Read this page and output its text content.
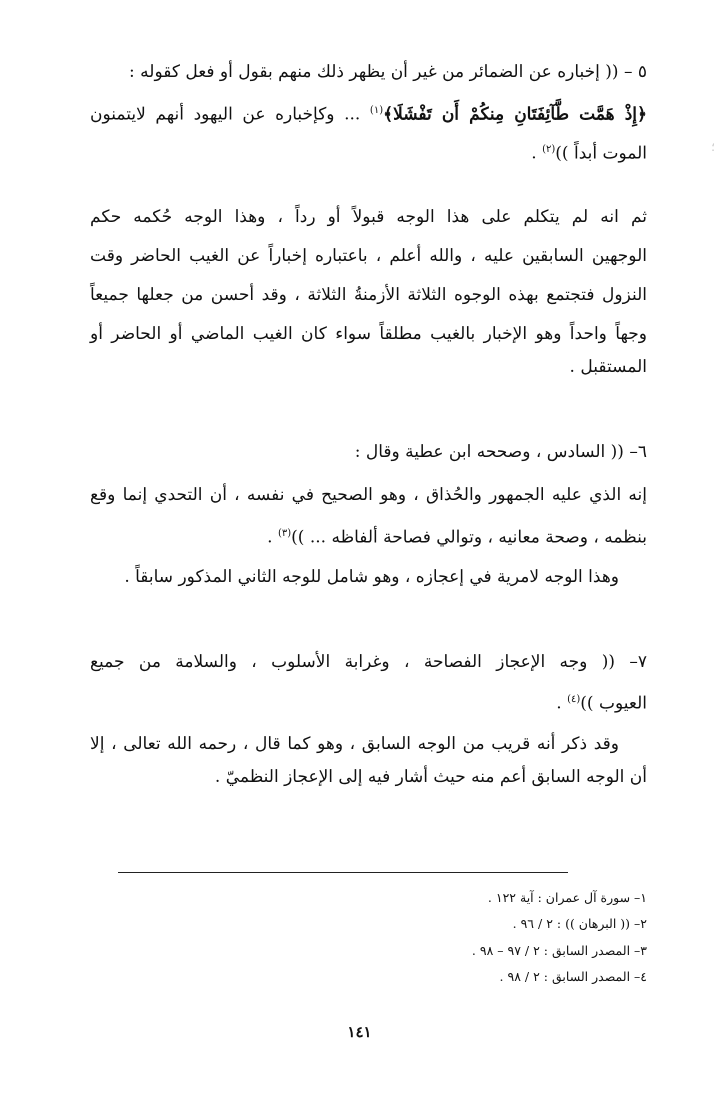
٥ – (( إخباره عن الضمائر من غير أن يظهر ذلك منهم بقول أو فعل كقوله :
﴿إِذْ هَمَّت طَّآئِفَتَانِ مِنكُمْ أَن تَفْشَلَا﴾$^{(١)}$ ... وكإخباره عن اليهود أنهم لايتمنون
الموت أبداً ))$^{(٢)}$ .
ثم انه لم يتكلم على هذا الوجه قبولاً أو رداً ، وهذا الوجه حُكمه حكم
الوجهين السابقين عليه ، والله أعلم ، باعتباره إخباراً عن الغيب الحاضر وقت
النزول فتجتمع بهذه الوجوه الثلاثة الأزمنةُ الثلاثة ، وقد أحسن من جعلها جميعاً
وجهاً واحداً وهو الإخبار بالغيب مطلقاً سواء كان الغيب الماضي أو الحاضر أو
المستقبل .
٦– (( السادس ، وصححه ابن عطية وقال :
إنه الذي عليه الجمهور والحُذاق ، وهو الصحيح في نفسه ، أن التحدي إنما وقع
بنظمه ، وصحة معانيه ، وتوالي فصاحة ألفاظه ... ))$^{(٣)}$ .
وهذا الوجه لامرية في إعجازه ، وهو شامل للوجه الثاني المذكور سابقاً .
٧– (( وجه الإعجاز الفصاحة ، وغرابة الأسلوب ، والسلامة من جميع
العيوب ))$^{(٤)}$ .
وقد ذكر أنه قريب من الوجه السابق ، وهو كما قال ، رحمه الله تعالى ، إلا
أن الوجه السابق أعم منه حيث أشار فيه إلى الإعجاز النظميّ .
١– سورة آل عمران : آية ١٢٢ .
٢– (( البرهان )) : ٢ / ٩٦ .
٣– المصدر السابق : ٢ / ٩٧ – ٩٨ .
٤– المصدر السابق : ٢ / ٩٨ .
١٤١
؛
